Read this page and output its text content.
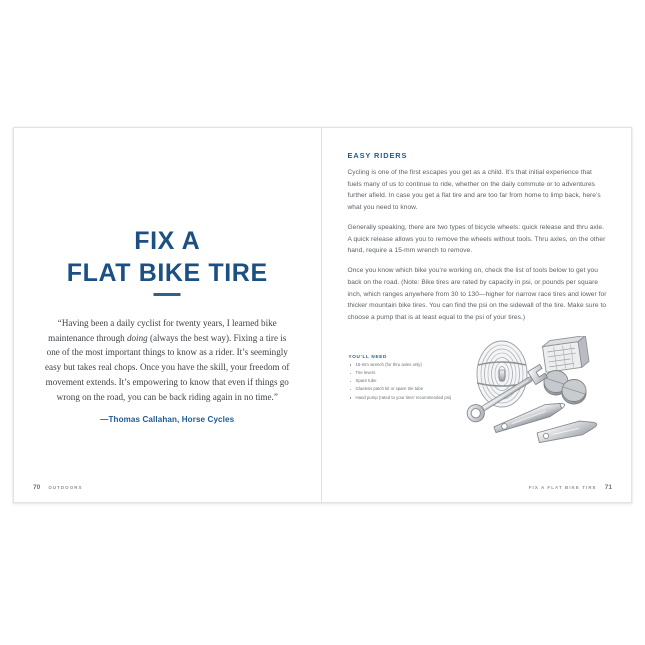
FIX A
FLAT BIKE TIRE
“Having been a daily cyclist for twenty years, I learned bike maintenance through doing (always the best way). Fixing a tire is one of the most important things to know as a rider. It’s seemingly easy but takes real chops. Once you have the skill, your freedom of movement extends. It’s empowering to know that even if things go wrong on the road, you can be back riding again in no time.”
—Thomas Callahan, Horse Cycles
70 OUTDOORS
EASY RIDERS

Cycling is one of the first escapes you get as a child. It’s that initial experience that fuels many of us to continue to ride, whether on the daily commute or to adventures further afield. In case you get a flat tire and are too far from home to limp back, here’s what you need to know.

Generally speaking, there are two types of bicycle wheels: quick release and thru axle. A quick release allows you to remove the wheels without tools. Thru axles, on the other hand, require a 15-mm wrench to remove.

Once you know which bike you’re working on, check the list of tools below to get you back on the road. (Note: Bike tires are rated by capacity in psi, or pounds per square inch, which ranges anywhere from 30 to 130—higher for narrow race tires and lower for thicker mountain bike tires. You can find the psi on the sidewall of the tire. Make sure to choose a pump that is at least equal to the psi of your tires.)

YOU’LL NEED
15-mm wrench (for thru axles only)
Tire levers
Spare tube
Glueless patch kit or spare tire tube
Hand pump (rated to your tires’ recommended psi)
FIX A FLAT BIKE TIRE 71
